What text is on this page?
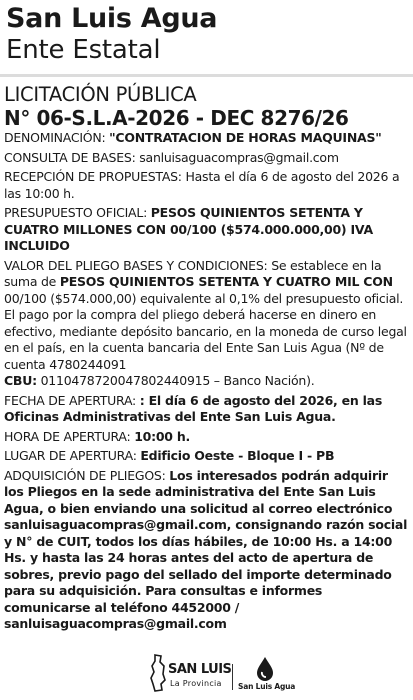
San Luis Agua
Ente Estatal
LICITACIÓN PÚBLICA
N° 06-S.L.A-2026 - DEC 8276/26

DENOMINACIÓN: "CONTRATACION DE HORAS MAQUINAS"

CONSULTA DE BASES: sanluisaguacompras@gmail.com

RECEPCIÓN DE PROPUESTAS: Hasta el día 6 de agosto del 2026 a las 10:00 h.

PRESUPUESTO OFICIAL: PESOS QUINIENTOS SETENTA Y CUATRO MILLONES CON 00/100 ($574.000.000,00) IVA INCLUIDO

VALOR DEL PLIEGO BASES Y CONDICIONES: Se establece en la suma de PESOS QUINIENTOS SETENTA Y CUATRO MIL CON 00/100 ($574.000,00) equivalente al 0,1% del presupuesto oficial. El pago por la compra del pliego deberá hacerse en dinero en efectivo, mediante depósito bancario, en la moneda de curso legal en el país, en la cuenta bancaria del Ente San Luis Agua (Nº de cuenta 4780244091
CBU: 0110478720047802440915 – Banco Nación).

FECHA DE APERTURA: : El día 6 de agosto del 2026, en las Oficinas Administrativas del Ente San Luis Agua.

HORA DE APERTURA: 10:00 h.

LUGAR DE APERTURA: Edificio Oeste - Bloque I - PB

ADQUISICIÓN DE PLIEGOS: Los interesados podrán adquirir los Pliegos en la sede administrativa del Ente San Luis Agua, o bien enviando una solicitud al correo electrónico sanluisaguacompras@gmail.com, consignando razón social y N° de CUIT, todos los días hábiles, de 10:00 Hs. a 14:00 Hs. y hasta las 24 horas antes del acto de apertura de sobres, previo pago del sellado del importe determinado para su adquisición. Para consultas e informes comunicarse al teléfono 4452000 / sanluisaguacompras@gmail.com

SAN LUIS
La Provincia San Luis Agua
